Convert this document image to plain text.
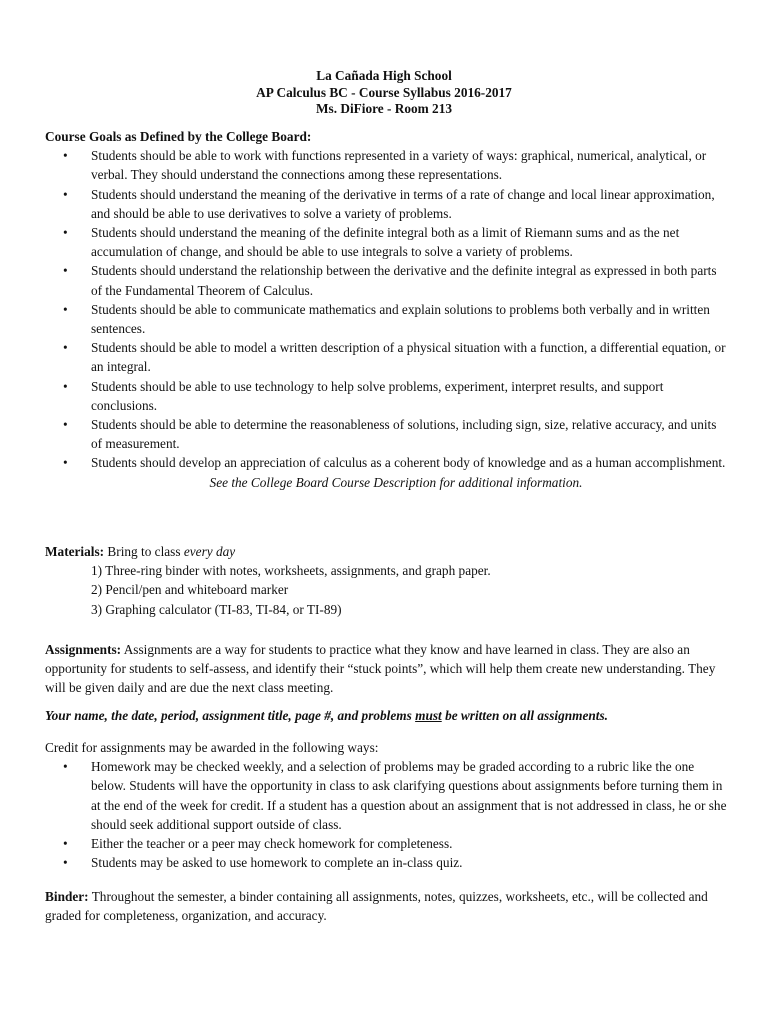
La Cañada High School
AP Calculus BC - Course Syllabus 2016-2017
Ms. DiFiore - Room 213
Course Goals as Defined by the College Board:
• Students should be able to work with functions represented in a variety of ways: graphical, numerical, analytical, or verbal. They should understand the connections among these representations.
• Students should understand the meaning of the derivative in terms of a rate of change and local linear approximation, and should be able to use derivatives to solve a variety of problems.
• Students should understand the meaning of the definite integral both as a limit of Riemann sums and as the net accumulation of change, and should be able to use integrals to solve a variety of problems.
• Students should understand the relationship between the derivative and the definite integral as expressed in both parts of the Fundamental Theorem of Calculus.
• Students should be able to communicate mathematics and explain solutions to problems both verbally and in written sentences.
• Students should be able to model a written description of a physical situation with a function, a differential equation, or an integral.
• Students should be able to use technology to help solve problems, experiment, interpret results, and support conclusions.
• Students should be able to determine the reasonableness of solutions, including sign, size, relative accuracy, and units of measurement.
• Students should develop an appreciation of calculus as a coherent body of knowledge and as a human accomplishment.
See the College Board Course Description for additional information.
Materials: Bring to class every day
1) Three-ring binder with notes, worksheets, assignments, and graph paper.
2) Pencil/pen and whiteboard marker
3) Graphing calculator (TI-83, TI-84, or TI-89)
Assignments: Assignments are a way for students to practice what they know and have learned in class. They are also an opportunity for students to self-assess, and identify their “stuck points”, which will help them create new understanding. They will be given daily and are due the next class meeting.
Your name, the date, period, assignment title, page #, and problems must be written on all assignments.
Credit for assignments may be awarded in the following ways:
• Homework may be checked weekly, and a selection of problems may be graded according to a rubric like the one below. Students will have the opportunity in class to ask clarifying questions about assignments before turning them in at the end of the week for credit. If a student has a question about an assignment that is not addressed in class, he or she should seek additional support outside of class.
• Either the teacher or a peer may check homework for completeness.
• Students may be asked to use homework to complete an in-class quiz.
Binder: Throughout the semester, a binder containing all assignments, notes, quizzes, worksheets, etc., will be collected and graded for completeness, organization, and accuracy.
